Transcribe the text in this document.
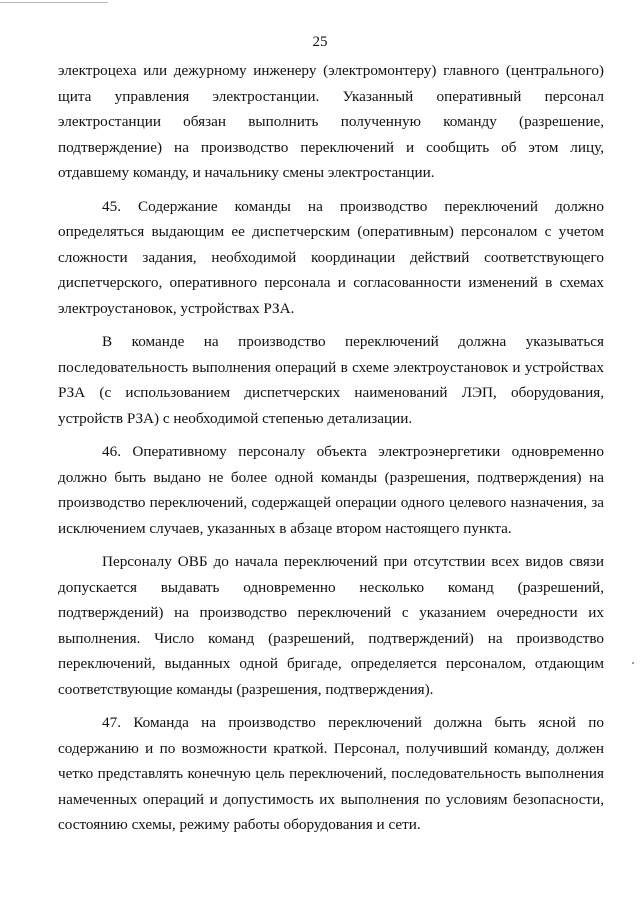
25

электроцеха или дежурному инженеру (электромонтеру) главного (центрального) щита управления электростанции. Указанный оперативный персонал электростанции обязан выполнить полученную команду (разрешение, подтверждение) на производство переключений и сообщить об этом лицу, отдавшему команду, и начальнику смены электростанции.

45. Содержание команды на производство переключений должно определяться выдающим ее диспетчерским (оперативным) персоналом с учетом сложности задания, необходимой координации действий соответствующего диспетчерского, оперативного персонала и согласованности изменений в схемах электроустановок, устройствах РЗА.

В команде на производство переключений должна указываться последовательность выполнения операций в схеме электроустановок и устройствах РЗА (с использованием диспетчерских наименований ЛЭП, оборудования, устройств РЗА) с необходимой степенью детализации.

46. Оперативному персоналу объекта электроэнергетики одновременно должно быть выдано не более одной команды (разрешения, подтверждения) на производство переключений, содержащей операции одного целевого назначения, за исключением случаев, указанных в абзаце втором настоящего пункта.

Персоналу ОВБ до начала переключений при отсутствии всех видов связи допускается выдавать одновременно несколько команд (разрешений, подтверждений) на производство переключений с указанием очередности их выполнения. Число команд (разрешений, подтверждений) на производство переключений, выданных одной бригаде, определяется персоналом, отдающим соответствующие команды (разрешения, подтверждения).

47. Команда на производство переключений должна быть ясной по содержанию и по возможности краткой. Персонал, получивший команду, должен четко представлять конечную цель переключений, последовательность выполнения намеченных операций и допустимость их выполнения по условиям безопасности, состоянию схемы, режиму работы оборудования и сети.
